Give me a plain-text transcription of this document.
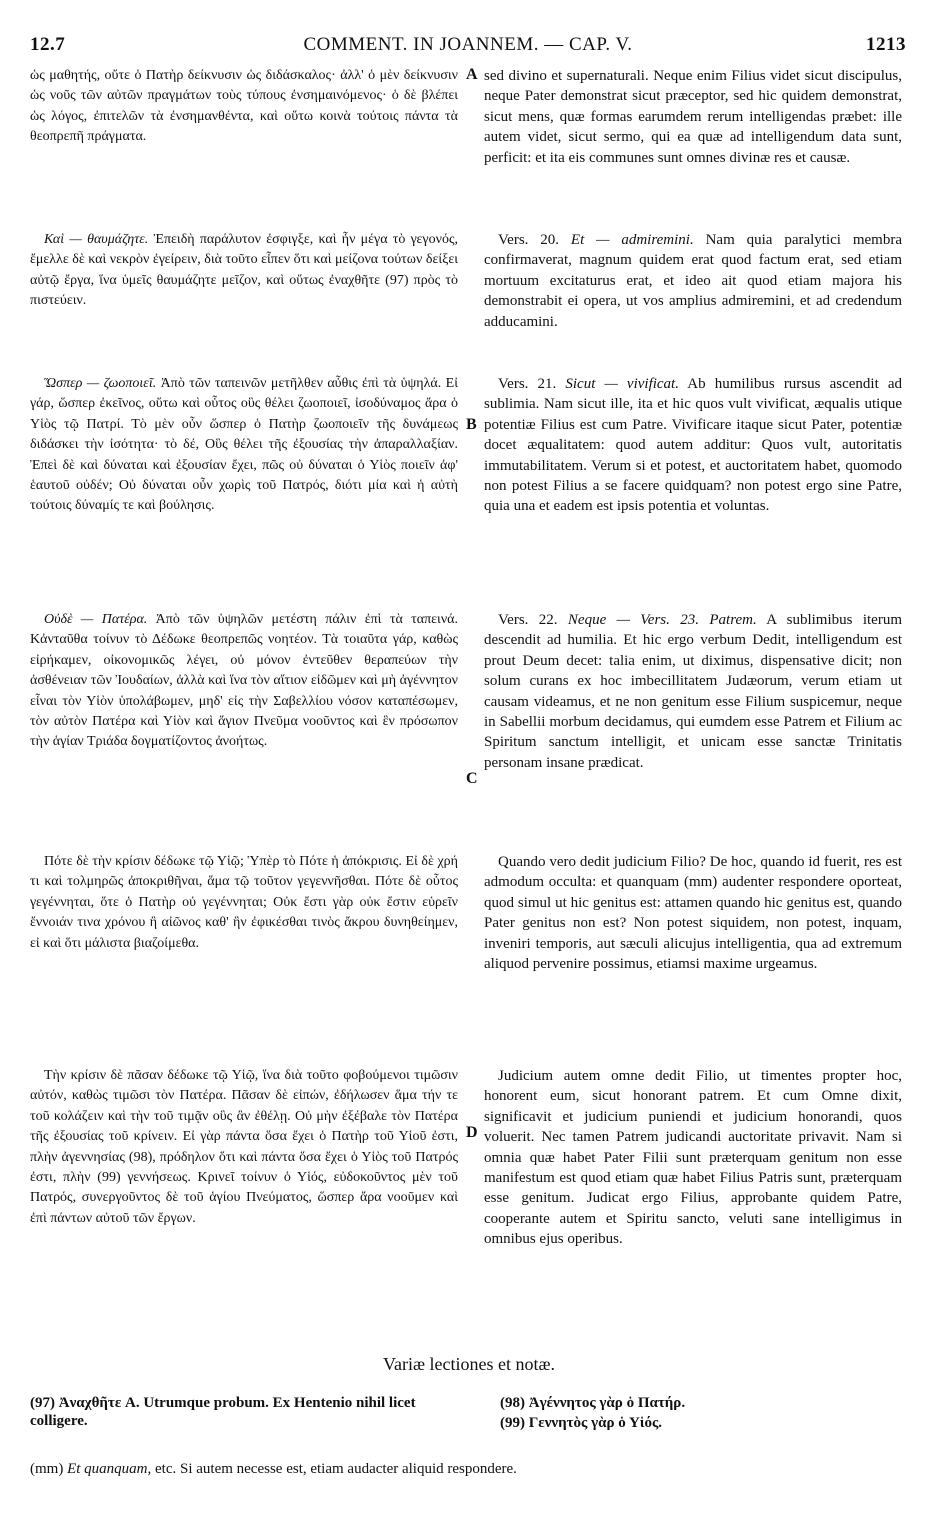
12.7	COMMENT. IN JOANNEM. — CAP. V.	1213

ὡς μαθητής, οὔτε ὁ Πατὴρ δείκνυσιν ὡς διδάσκαλος· ἀλλ' ὁ μὲν δείκνυσιν ὡς νοῦς τῶν αὐτῶν πραγμάτων τοὺς τύπους ἐνσημαινόμενος· ὁ δὲ βλέπει ὡς λόγος, ἐπιτελῶν τὰ ἐνσημανθέντα, καὶ οὕτω κοινὰ τούτοις πάντα τὰ θεοπρεπῆ πράγματα.

Καὶ — θαυμάζητε. Ἐπειδὴ παράλυτον ἐσφιγξε, καὶ ἦν μέγα τὸ γεγονός, ἔμελλε δὲ καὶ νεκρὸν ἐγείρειν, διὰ τοῦτο εἶπεν ὅτι καὶ μείζονα τούτων δείξει αὐτῷ ἔργα, ἵνα ὑμεῖς θαυμάζητε μεῖζον, καὶ οὕτως ἐναχθῆτε (97) πρὸς τὸ πιστεύειν.

Ὥσπερ — ζωοποιεῖ. Ἀπὸ τῶν ταπεινῶν μετῆλθεν αὖθις ἐπὶ τὰ ὑψηλά. Εἰ γάρ, ὥσπερ ἐκεῖνος, οὕτω καὶ οὗτος οὓς θέλει ζωοποιεῖ, ἰσοδύναμος ἄρα ὁ Υἱὸς τῷ Πατρί. Τὸ μὲν οὖν ὥσπερ ὁ Πατὴρ ζωοποιεῖν τῆς δυνάμεως διδάσκει τὴν ἰσότητα· τὸ δέ, Οὓς θέλει τῆς ἐξουσίας τὴν ἀπαραλλαξίαν. Ἐπεὶ δὲ καὶ δύναται καὶ ἐξουσίαν ἔχει, πῶς οὐ δύναται ὁ Υἱὸς ποιεῖν ἀφ' ἑαυτοῦ οὐδέν; Οὐ δύναται οὖν χωρὶς τοῦ Πατρός, διότι μία καὶ ἡ αὐτὴ τούτοις δύναμίς τε καὶ βούλησις.

Οὐδὲ — Πατέρα. Ἀπὸ τῶν ὑψηλῶν μετέστη πάλιν ἐπὶ τὰ ταπεινά. Κἀνταῦθα τοίνυν τὸ Δέδωκε θεοπρεπῶς νοητέον. Τὰ τοιαῦτα γάρ, καθὼς εἰρήκαμεν, οἰκονομικῶς λέγει, οὐ μόνον ἐντεῦθεν θεραπεύων τὴν ἀσθένειαν τῶν Ἰουδαίων, ἀλλὰ καὶ ἵνα τὸν αἴτιον εἰδῶμεν καὶ μὴ ἀγέννητον εἶναι τὸν Υἱὸν ὑπολάβωμεν, μηδ' εἰς τὴν Σαβελλίου νόσον καταπέσωμεν, τὸν αὐτὸν Πατέρα καὶ Υἱὸν καὶ ἅγιον Πνεῦμα νοοῦντος καὶ ἓν πρόσωπον τὴν ἁγίαν Τριάδα δογματίζοντος ἀνοήτως.

Πότε δὲ τὴν κρίσιν δέδωκε τῷ Υἱῷ; Ὑπὲρ τὸ Πότε ἡ ἀπόκρισις. Εἰ δὲ χρή τι καὶ τολμηρῶς ἀποκριθῆναι, ἅμα τῷ τοῦτον γεγεννῆσθαι. Πότε δὲ οὗτος γεγέννηται, ὅτε ὁ Πατὴρ οὐ γεγέννηται; Οὐκ ἔστι γὰρ οὐκ ἔστιν εὑρεῖν ἔννοιάν τινα χρόνου ἢ αἰῶνος καθ' ἣν ἐφικέσθαι τινὸς ἄκρου δυνηθείημεν, εἰ καὶ ὅτι μάλιστα βιαζοίμεθα.

Τὴν κρίσιν δὲ πᾶσαν δέδωκε τῷ Υἱῷ, ἵνα διὰ τοῦτο φοβούμενοι τιμῶσιν αὐτόν, καθὼς τιμῶσι τὸν Πατέρα. Πᾶσαν δὲ εἰπών, ἐδήλωσεν ἅμα τήν τε τοῦ κολάζειν καὶ τὴν τοῦ τιμᾷν οὓς ἂν ἐθέλῃ. Οὐ μὴν ἐξέβαλε τὸν Πατέρα τῆς ἐξουσίας τοῦ κρίνειν. Εἰ γὰρ πάντα ὅσα ἔχει ὁ Πατὴρ τοῦ Υἱοῦ ἐστι, πλὴν ἀγεννησίας (98), πρόδηλον ὅτι καὶ πάντα ὅσα ἔχει ὁ Υἱὸς τοῦ Πατρός ἐστι, πλὴν (99) γεννήσεως. Κρινεῖ τοίνυν ὁ Υἱός, εὐδοκοῦντος μὲν τοῦ Πατρός, συνεργοῦντος δὲ τοῦ ἁγίου Πνεύματος, ὥσπερ ἄρα νοοῦμεν καὶ ἐπὶ πάντων αὐτοῦ τῶν ἔργων.

sed divino et supernaturali. Neque enim Filius videt sicut discipulus, neque Pater demonstrat sicut præceptor, sed hic quidem demonstrat, sicut mens, quæ formas earumdem rerum intelligendas præbet: ille autem videt, sicut sermo, qui ea quæ ad intelligendum data sunt, perficit: et ita eis communes sunt omnes divinæ res et causæ.

Vers. 20. Et — admiremini. Nam quia paralytici membra confirmaverat, magnum quidem erat quod factum erat, sed etiam mortuum excitaturus erat, et ideo ait quod etiam majora his demonstrabit ei opera, ut vos amplius admiremini, et ad credendum adducamini.

Vers. 21. Sicut — vivificat. Ab humilibus rursus ascendit ad sublimia. Nam sicut ille, ita et hic quos vult vivificat, æqualis utique potentiæ Filius est cum Patre. Vivificare itaque sicut Pater, potentiæ docet æqualitatem: quod autem additur: Quos vult, autoritatis immutabilitatem. Verum si et potest, et auctoritatem habet, quomodo non potest Filius a se facere quidquam? non potest ergo sine Patre, quia una et eadem est ipsis potentia et voluntas.

Vers. 22. Neque — Vers. 23. Patrem. A sublimibus iterum descendit ad humilia. Et hic ergo verbum Dedit, intelligendum est prout Deum decet: talia enim, ut diximus, dispensative dicit; non solum curans ex hoc imbecillitatem Judæorum, verum etiam ut causam videamus, et ne non genitum esse Filium suspicemur, neque in Sabellii morbum decidamus, qui eumdem esse Patrem et Filium ac Spiritum sanctum intelligit, et unicam esse sanctæ Trinitatis personam insane prædicat.

Quando vero dedit judicium Filio? De hoc, quando id fuerit, res est admodum occulta: et quanquam (mm) audenter respondere oporteat, quod simul ut hic genitus est: attamen quando hic genitus est, quando Pater genitus non est? Non potest siquidem, non potest, inquam, inveniri temporis, aut sæculi alicujus intelligentia, qua ad extremum aliquod pervenire possimus, etiamsi maxime urgeamus.

Judicium autem omne dedit Filio, ut timentes propter hoc, honorent eum, sicut honorant patrem. Et cum Omne dixit, significavit et judicium puniendi et judicium honorandi, quos voluerit. Nec tamen Patrem judicandi auctoritate privavit. Nam si omnia quæ habet Pater Filii sunt præterquam genitum non esse manifestum est quod etiam quæ habet Filius Patris sunt, præterquam esse genitum. Judicat ergo Filius, approbante quidem Patre, cooperante autem et Spiritu sancto, veluti sane intelligimus in omnibus ejus operibus.

A
B
C
D
Variæ lectiones et notæ.
(97) Ἀναχθῆτε A. Utrumque probum. Ex Hentenio nihil licet colligere.
(98) Ἀγέννητος γὰρ ὁ Πατήρ.
(99) Γεννητὸς γὰρ ὁ Υἱός.
(mm) Et quanquam, etc. Si autem necesse est, etiam audacter aliquid respondere.
